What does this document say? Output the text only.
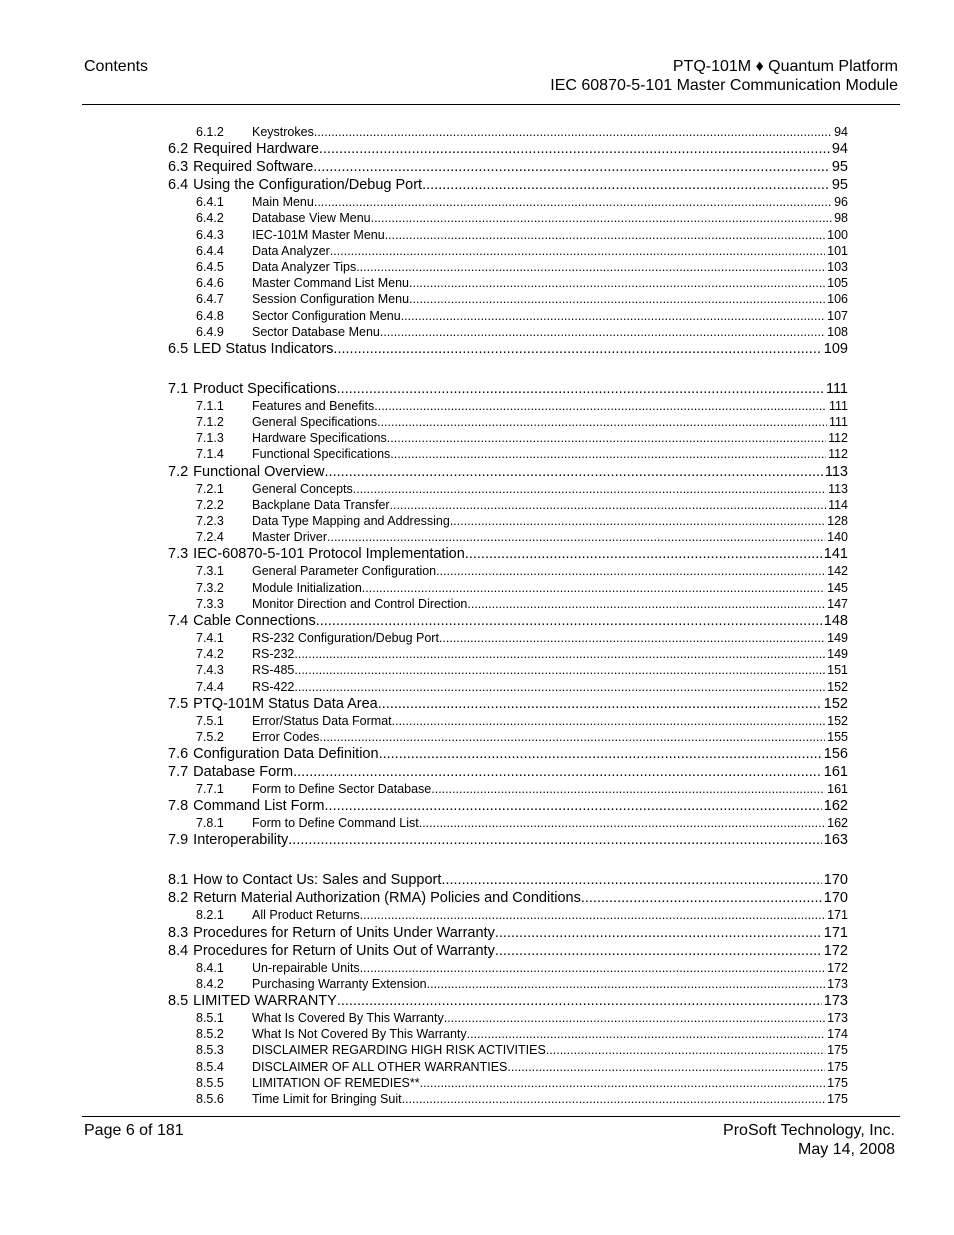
Contents	PTQ-101M ♦ Quantum Platform
IEC 60870-5-101 Master Communication Module
6.1.2	Keystrokes .....	94
6.2 Required Hardware .....	94
6.3 Required Software .....	95
6.4 Using the Configuration/Debug Port .....	95
6.4.1	Main Menu .....	96
6.4.2	Database View Menu .....	98
6.4.3	IEC-101M Master Menu .....	100
6.4.4	Data Analyzer .....	101
6.4.5	Data Analyzer Tips .....	103
6.4.6	Master Command List Menu .....	105
6.4.7	Session Configuration Menu .....	106
6.4.8	Sector Configuration Menu .....	107
6.4.9	Sector Database Menu .....	108
6.5 LED Status Indicators .....	109
7.1 Product Specifications .....	111
7.1.1	Features and Benefits .....	111
7.1.2	General Specifications .....	111
7.1.3	Hardware Specifications .....	112
7.1.4	Functional Specifications .....	112
7.2 Functional Overview .....	113
7.2.1	General Concepts .....	113
7.2.2	Backplane Data Transfer .....	114
7.2.3	Data Type Mapping and Addressing .....	128
7.2.4	Master Driver .....	140
7.3 IEC-60870-5-101 Protocol Implementation .....	141
7.3.1	General Parameter Configuration .....	142
7.3.2	Module Initialization .....	145
7.3.3	Monitor Direction and Control Direction .....	147
7.4 Cable Connections .....	148
7.4.1	RS-232 Configuration/Debug Port .....	149
7.4.2	RS-232 .....	149
7.4.3	RS-485 .....	151
7.4.4	RS-422 .....	152
7.5 PTQ-101M Status Data Area .....	152
7.5.1	Error/Status Data Format .....	152
7.5.2	Error Codes .....	155
7.6 Configuration Data Definition .....	156
7.7 Database Form .....	161
7.7.1	Form to Define Sector Database .....	161
7.8 Command List Form .....	162
7.8.1	Form to Define Command List .....	162
7.9 Interoperability .....	163
8.1 How to Contact Us: Sales and Support .....	170
8.2 Return Material Authorization (RMA) Policies and Conditions .....	170
8.2.1	All Product Returns .....	171
8.3 Procedures for Return of Units Under Warranty .....	171
8.4 Procedures for Return of Units Out of Warranty .....	172
8.4.1	Un-repairable Units .....	172
8.4.2	Purchasing Warranty Extension .....	173
8.5 LIMITED WARRANTY .....	173
8.5.1	What Is Covered By This Warranty .....	173
8.5.2	What Is Not Covered By This Warranty .....	174
8.5.3	DISCLAIMER REGARDING HIGH RISK ACTIVITIES .....	175
8.5.4	DISCLAIMER OF ALL OTHER WARRANTIES .....	175
8.5.5	LIMITATION OF REMEDIES** .....	175
8.5.6	Time Limit for Bringing Suit .....	175
Page 6 of 181	ProSoft Technology, Inc.
May 14, 2008
